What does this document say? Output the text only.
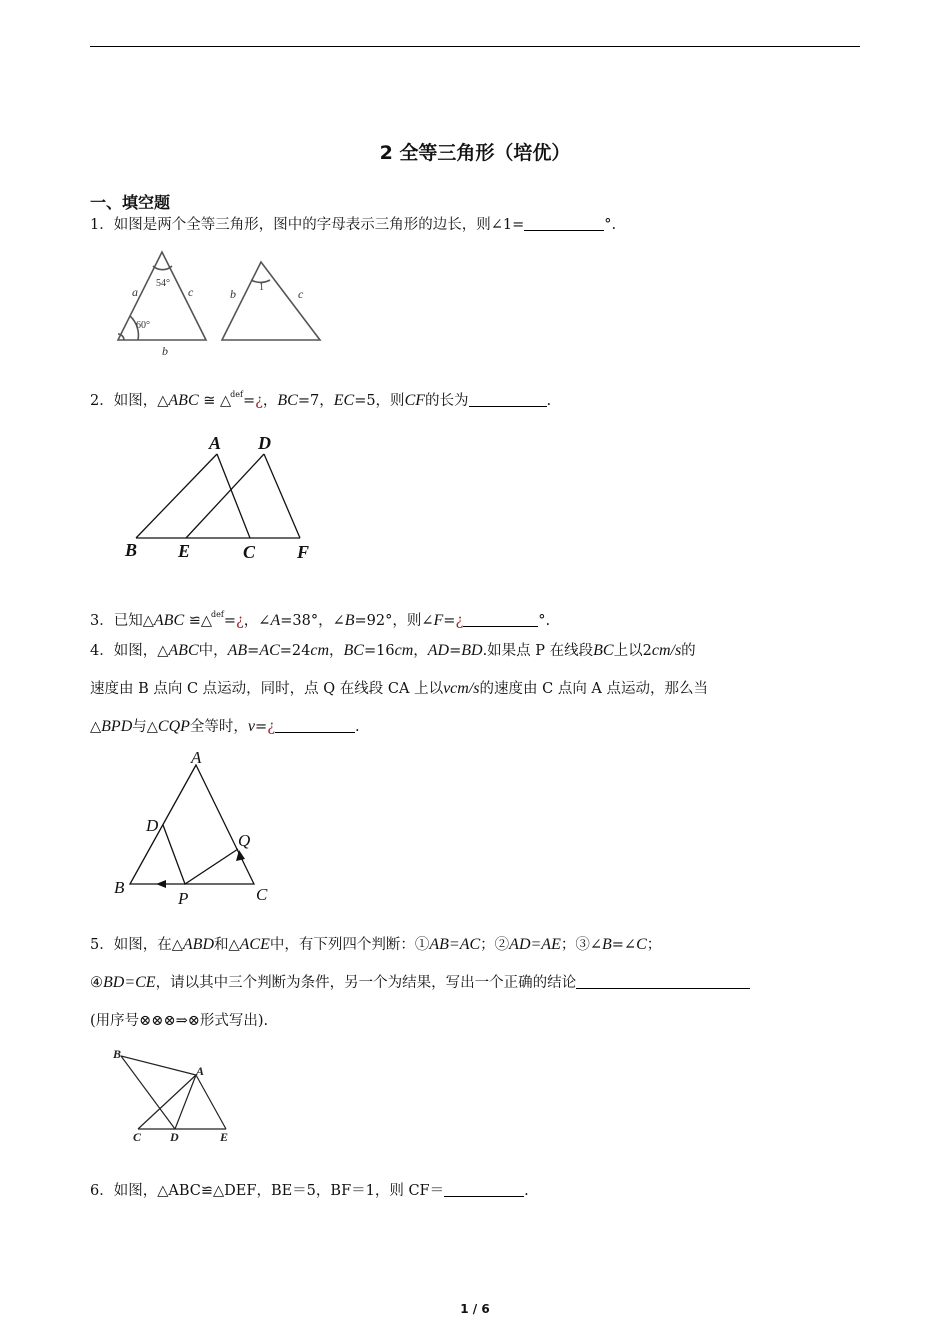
2 全等三角形（培优）
一、填空题
1．如图是两个全等三角形，图中的字母表示三角形的边长，则∠1=	°.
a	c
b
b	c
54°
60°
1
2．如图，△ABC ≅ △$^{def}$=¿，BC=7，EC=5，则CF的长为	.
A D
B E	C F
3．已知△ABC ≌△$^{def}$=¿，∠A=38°，∠B=92°，则∠F=¿	°.
4．如图，△ABC中，AB=AC=24cm，BC=16cm，AD=BD.如果点 P 在线段BC上以2cm/s的
速度由 B 点向 C 点运动，同时，点 Q 在线段 CA 上以vcm/s的速度由 C 点向 A 点运动，那么当
△BPD与△CQP全等时，v=¿	.
A
D
Q
B
P	C
5．如图，在△ABD和△ACE中，有下列四个判断：①AB=AC；②AD=AE；③∠B=∠C；
④BD=CE，请以其中三个判断为条件，另一个为结果，写出一个正确的结论
(用序号⊗⊗⊗⇒⊗形式写出).
B
A
C D	E
6．如图，△ABC≌△DEF，BE＝5，BF＝1，则 CF＝	.
1 / 6
